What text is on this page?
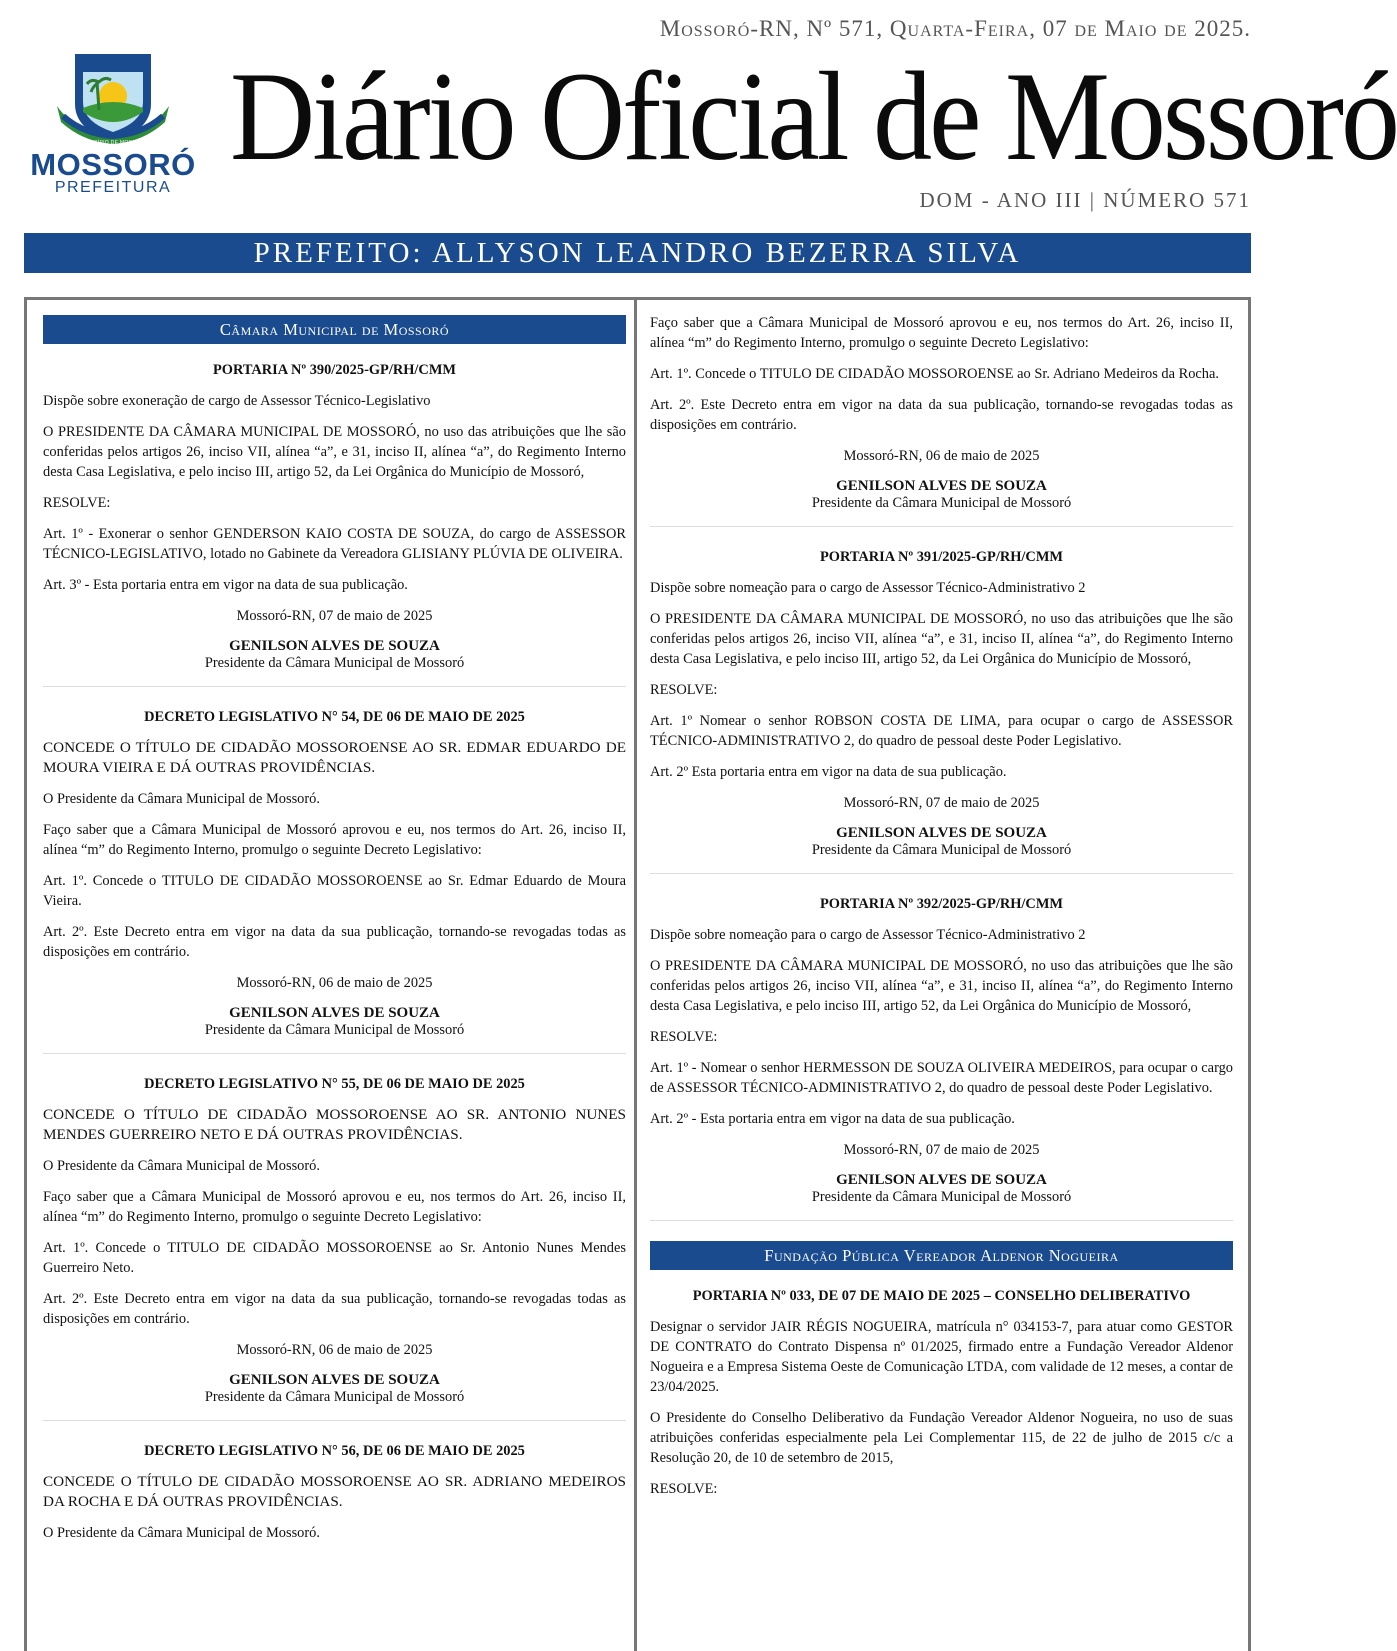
MOSSORÓ
PREFEITURA
MUNICÍPIO DE MOSSORÓ
Mossoró-RN, Nº 571, Quarta-Feira, 07 de Maio de 2025.
Diário Oficial de Mossoró
DOM - ANO III | NÚMERO 571
PREFEITO: ALLYSON LEANDRO BEZERRA SILVA
Câmara Municipal de Mossoró

PORTARIA Nº 390/2025-GP/RH/CMM

Dispõe sobre exoneração de cargo de Assessor Técnico-Legislativo

O PRESIDENTE DA CÂMARA MUNICIPAL DE MOSSORÓ, no uso das atribuições que lhe são conferidas pelos artigos 26, inciso VII, alínea “a”, e 31, inciso II, alínea “a”, do Regimento Interno desta Casa Legislativa, e pelo inciso III, artigo 52, da Lei Orgânica do Município de Mossoró,

RESOLVE:

Art. 1º - Exonerar o senhor GENDERSON KAIO COSTA DE SOUZA, do cargo de ASSESSOR TÉCNICO-LEGISLATIVO, lotado no Gabinete da Vereadora GLISIANY PLÚVIA DE OLIVEIRA.

Art. 3º - Esta portaria entra em vigor na data de sua publicação.

Mossoró-RN, 07 de maio de 2025

GENILSON ALVES DE SOUZA
Presidente da Câmara Municipal de Mossoró

DECRETO LEGISLATIVO N° 54, DE 06 DE MAIO DE 2025

CONCEDE O TÍTULO DE CIDADÃO MOSSOROENSE AO SR. EDMAR EDUARDO DE MOURA VIEIRA E DÁ OUTRAS PROVIDÊNCIAS.

O Presidente da Câmara Municipal de Mossoró.

Faço saber que a Câmara Municipal de Mossoró aprovou e eu, nos termos do Art. 26, inciso II, alínea “m” do Regimento Interno, promulgo o seguinte Decreto Legislativo:

Art. 1º. Concede o TITULO DE CIDADÃO MOSSOROENSE ao Sr. Edmar Eduardo de Moura Vieira.

Art. 2º. Este Decreto entra em vigor na data da sua publicação, tornando-se revogadas todas as disposições em contrário.

Mossoró-RN, 06 de maio de 2025

GENILSON ALVES DE SOUZA
Presidente da Câmara Municipal de Mossoró

DECRETO LEGISLATIVO N° 55, DE 06 DE MAIO DE 2025

CONCEDE O TÍTULO DE CIDADÃO MOSSOROENSE AO SR. ANTONIO NUNES MENDES GUERREIRO NETO E DÁ OUTRAS PROVIDÊNCIAS.

O Presidente da Câmara Municipal de Mossoró.

Faço saber que a Câmara Municipal de Mossoró aprovou e eu, nos termos do Art. 26, inciso II, alínea “m” do Regimento Interno, promulgo o seguinte Decreto Legislativo:

Art. 1º. Concede o TITULO DE CIDADÃO MOSSOROENSE ao Sr. Antonio Nunes Mendes Guerreiro Neto.

Art. 2º. Este Decreto entra em vigor na data da sua publicação, tornando-se revogadas todas as disposições em contrário.

Mossoró-RN, 06 de maio de 2025

GENILSON ALVES DE SOUZA
Presidente da Câmara Municipal de Mossoró

DECRETO LEGISLATIVO N° 56, DE 06 DE MAIO DE 2025

CONCEDE O TÍTULO DE CIDADÃO MOSSOROENSE AO SR. ADRIANO MEDEIROS DA ROCHA E DÁ OUTRAS PROVIDÊNCIAS.

O Presidente da Câmara Municipal de Mossoró.

Faço saber que a Câmara Municipal de Mossoró aprovou e eu, nos termos do Art. 26, inciso II, alínea “m” do Regimento Interno, promulgo o seguinte Decreto Legislativo:

Art. 1º. Concede o TITULO DE CIDADÃO MOSSOROENSE ao Sr. Adriano Medeiros da Rocha.

Art. 2º. Este Decreto entra em vigor na data da sua publicação, tornando-se revogadas todas as disposições em contrário.

Mossoró-RN, 06 de maio de 2025

GENILSON ALVES DE SOUZA
Presidente da Câmara Municipal de Mossoró

PORTARIA Nº 391/2025-GP/RH/CMM

Dispõe sobre nomeação para o cargo de Assessor Técnico-Administrativo 2

O PRESIDENTE DA CÂMARA MUNICIPAL DE MOSSORÓ, no uso das atribuições que lhe são conferidas pelos artigos 26, inciso VII, alínea “a”, e 31, inciso II, alínea “a”, do Regimento Interno desta Casa Legislativa, e pelo inciso III, artigo 52, da Lei Orgânica do Município de Mossoró,

RESOLVE:

Art. 1º Nomear o senhor ROBSON COSTA DE LIMA, para ocupar o cargo de ASSESSOR TÉCNICO-ADMINISTRATIVO 2, do quadro de pessoal deste Poder Legislativo.

Art. 2º Esta portaria entra em vigor na data de sua publicação.

Mossoró-RN, 07 de maio de 2025

GENILSON ALVES DE SOUZA
Presidente da Câmara Municipal de Mossoró

PORTARIA Nº 392/2025-GP/RH/CMM

Dispõe sobre nomeação para o cargo de Assessor Técnico-Administrativo 2

O PRESIDENTE DA CÂMARA MUNICIPAL DE MOSSORÓ, no uso das atribuições que lhe são conferidas pelos artigos 26, inciso VII, alínea “a”, e 31, inciso II, alínea “a”, do Regimento Interno desta Casa Legislativa, e pelo inciso III, artigo 52, da Lei Orgânica do Município de Mossoró,

RESOLVE:

Art. 1º - Nomear o senhor HERMESSON DE SOUZA OLIVEIRA MEDEIROS, para ocupar o cargo de ASSESSOR TÉCNICO-ADMINISTRATIVO 2, do quadro de pessoal deste Poder Legislativo.

Art. 2º - Esta portaria entra em vigor na data de sua publicação.

Mossoró-RN, 07 de maio de 2025

GENILSON ALVES DE SOUZA
Presidente da Câmara Municipal de Mossoró
Fundação Pública Vereador Aldenor Nogueira

PORTARIA Nº 033, DE 07 DE MAIO DE 2025 – CONSELHO DELIBERATIVO

Designar o servidor JAIR RÉGIS NOGUEIRA, matrícula n° 034153-7, para atuar como GESTOR DE CONTRATO do Contrato Dispensa nº 01/2025, firmado entre a Fundação Vereador Aldenor Nogueira e a Empresa Sistema Oeste de Comunicação LTDA, com validade de 12 meses, a contar de 23/04/2025.

O Presidente do Conselho Deliberativo da Fundação Vereador Aldenor Nogueira, no uso de suas atribuições conferidas especialmente pela Lei Complementar 115, de 22 de julho de 2015 c/c a Resolução 20, de 10 de setembro de 2015,

RESOLVE:
